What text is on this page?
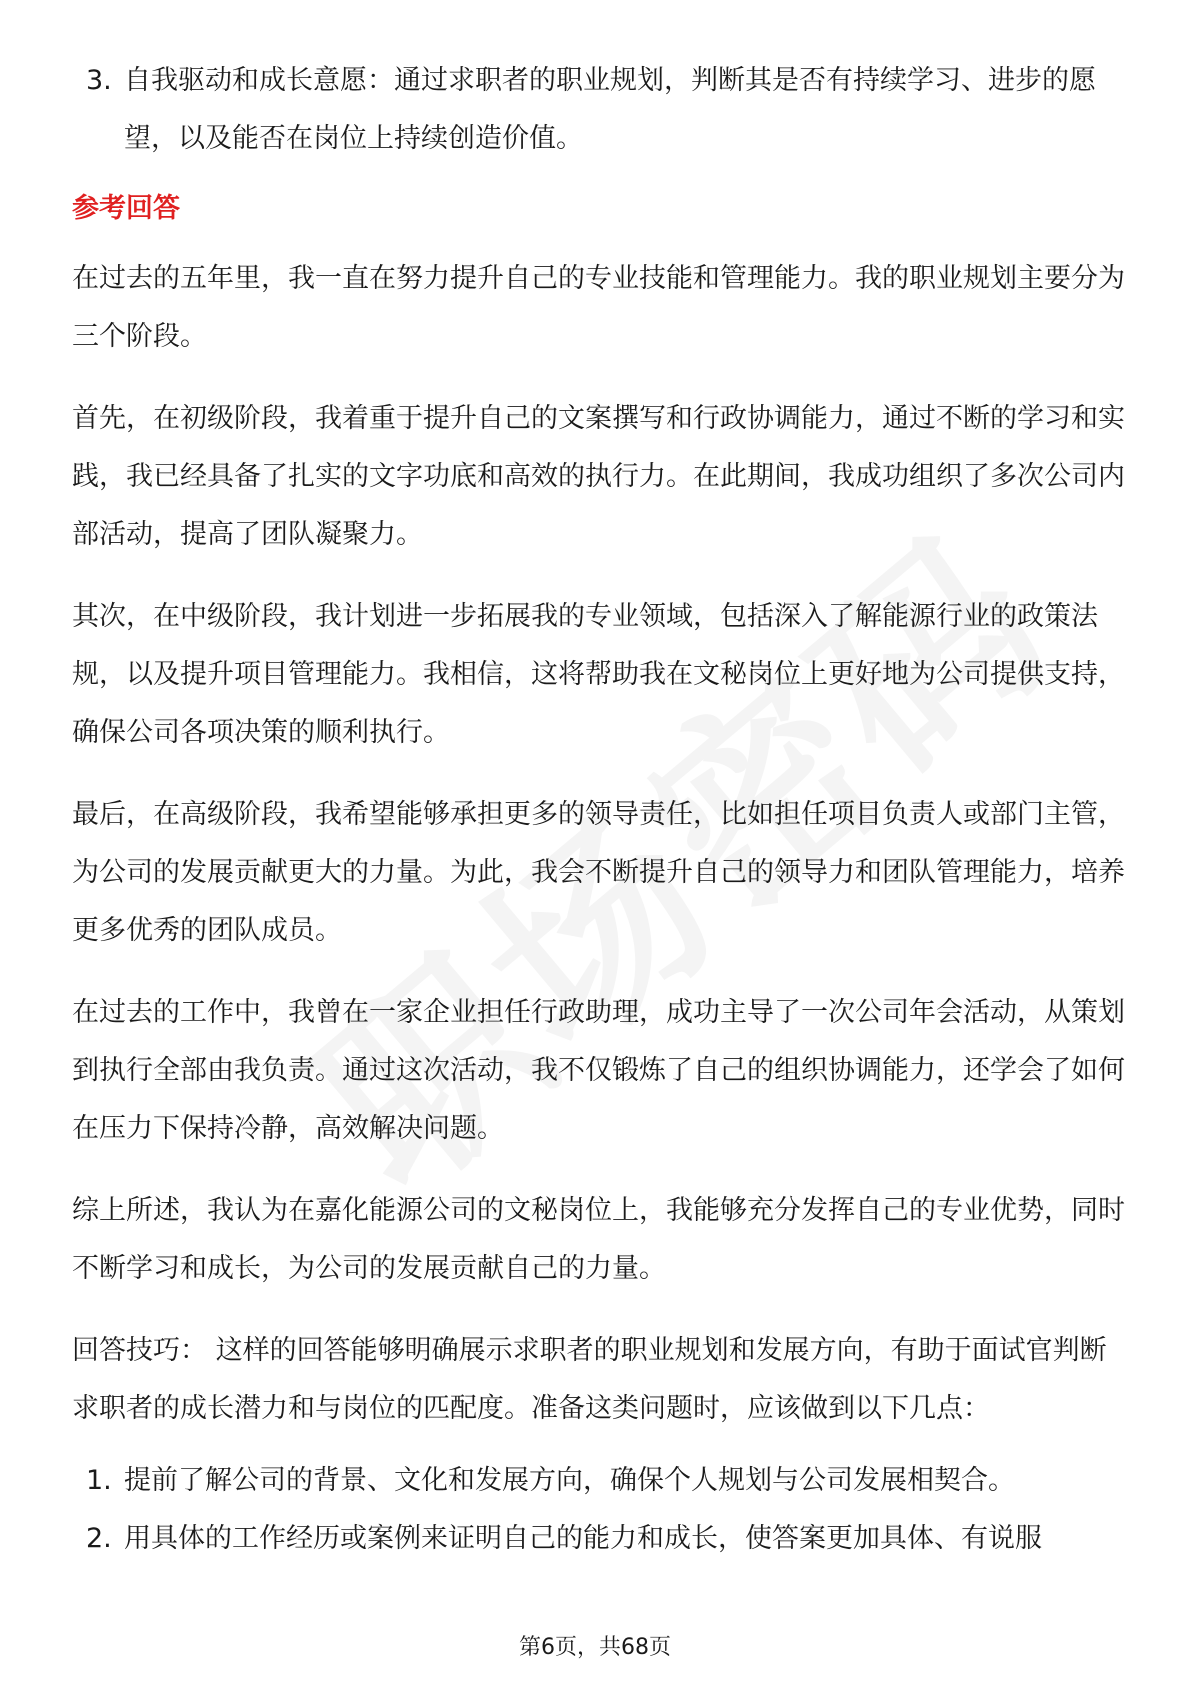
3. 自我驱动和成长意愿：通过求职者的职业规划，判断其是否有持续学习、进步的愿望，以及能否在岗位上持续创造价值。
参考回答

在过去的五年里，我一直在努力提升自己的专业技能和管理能力。我的职业规划主要分为三个阶段。

首先，在初级阶段，我着重于提升自己的文案撰写和行政协调能力，通过不断的学习和实践，我已经具备了扎实的文字功底和高效的执行力。在此期间，我成功组织了多次公司内部活动，提高了团队凝聚力。

其次，在中级阶段，我计划进一步拓展我的专业领域，包括深入了解能源行业的政策法规，以及提升项目管理能力。我相信，这将帮助我在文秘岗位上更好地为公司提供支持，确保公司各项决策的顺利执行。

最后，在高级阶段，我希望能够承担更多的领导责任，比如担任项目负责人或部门主管，为公司的发展贡献更大的力量。为此，我会不断提升自己的领导力和团队管理能力，培养更多优秀的团队成员。

在过去的工作中，我曾在一家企业担任行政助理，成功主导了一次公司年会活动，从策划到执行全部由我负责。通过这次活动，我不仅锻炼了自己的组织协调能力，还学会了如何在压力下保持冷静，高效解决问题。

综上所述，我认为在嘉化能源公司的文秘岗位上，我能够充分发挥自己的专业优势，同时不断学习和成长，为公司的发展贡献自己的力量。

回答技巧： 这样的回答能够明确展示求职者的职业规划和发展方向，有助于面试官判断求职者的成长潜力和与岗位的匹配度。准备这类问题时，应该做到以下几点：

1. 提前了解公司的背景、文化和发展方向，确保个人规划与公司发展相契合。
2. 用具体的工作经历或案例来证明自己的能力和成长，使答案更加具体、有说服
第6页，共68页
